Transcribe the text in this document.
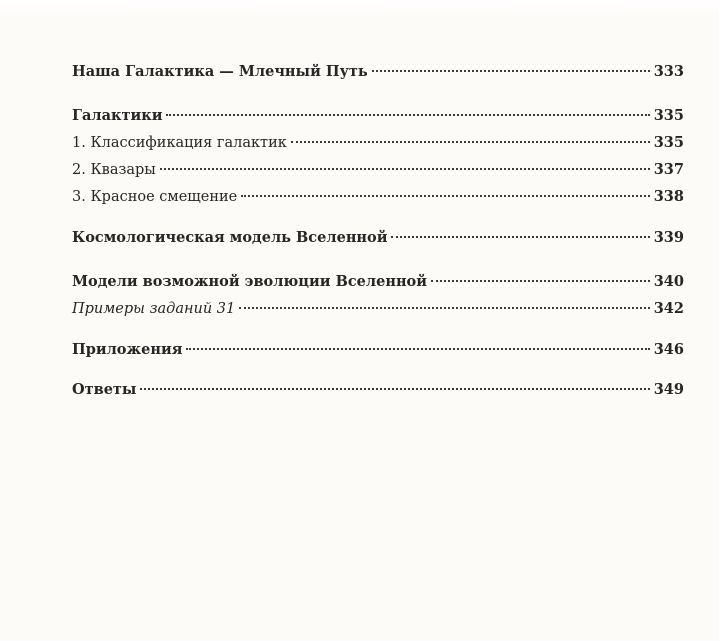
Наша Галактика — Млечный Путь	333
Галактики	335
1. Классификация галактик	335
2. Квазары	337
3. Красное смещение	338
Космологическая модель Вселенной	339
Модели возможной эволюции Вселенной	340
Примеры заданий 31	342
Приложения	346
Ответы	349
